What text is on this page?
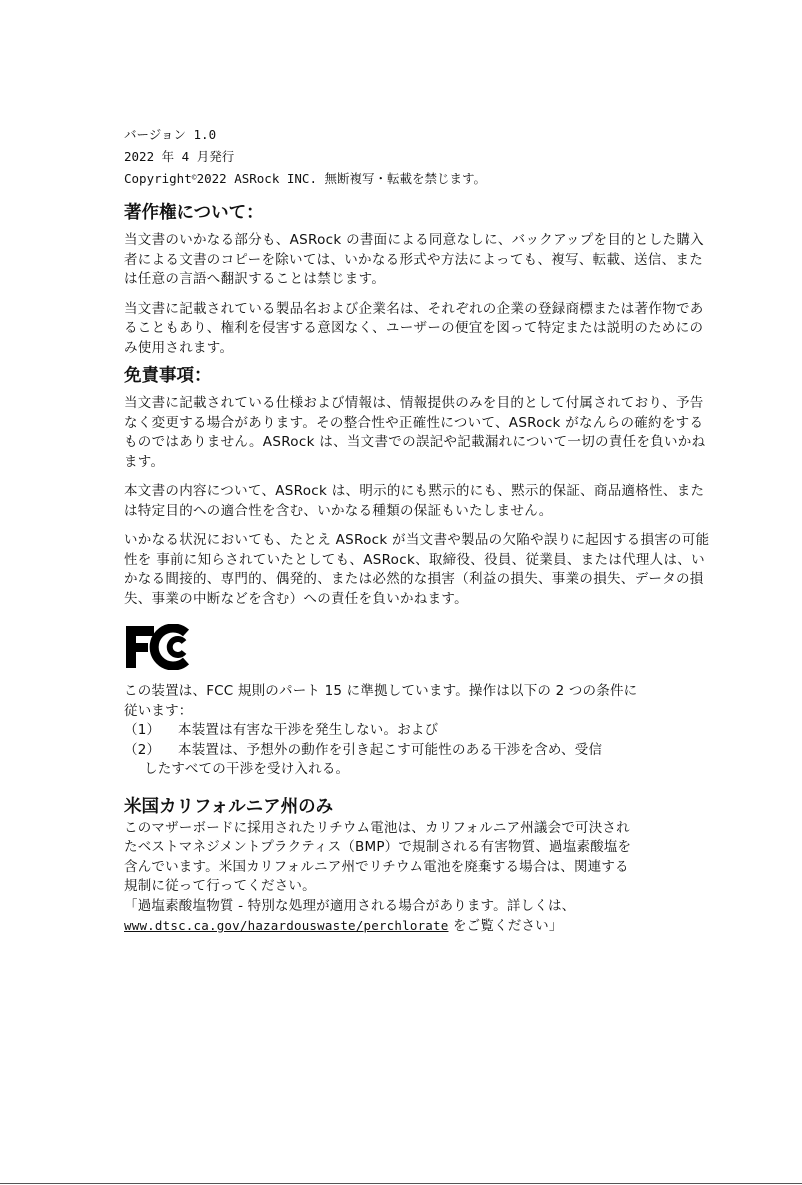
バージョン 1.0

2022 年 4 月発行

Copyright©2022 ASRock INC. 無断複写・転載を禁じます。

著作権について：

当文書のいかなる部分も、ASRock の書面による同意なしに、バックアップを目的とした購入者による文書のコピーを除いては、いかなる形式や方法によっても、複写、転載、送信、または任意の言語へ翻訳することは禁じます。

当文書に記載されている製品名および企業名は、それぞれの企業の登録商標または著作物であることもあり、権利を侵害する意図なく、ユーザーの便宜を図って特定または説明のためにのみ使用されます。

免責事項：

当文書に記載されている仕様および情報は、情報提供のみを目的として付属されており、予告なく変更する場合があります。その整合性や正確性について、ASRock がなんらの確約をするものではありません。ASRock は、当文書での誤記や記載漏れについて一切の責任を負いかねます。

本文書の内容について、ASRock は、明示的にも黙示的にも、黙示的保証、商品適格性、または特定目的への適合性を含む、いかなる種類の保証もいたしません。

いかなる状況においても、たとえ ASRock が当文書や製品の欠陥や誤りに起因する損害の可能性を 事前に知らされていたとしても、ASRock、取締役、役員、従業員、または代理人は、いかなる間接的、専門的、偶発的、または必然的な損害（利益の損失、事業の損失、データの損失、事業の中断などを含む）への責任を負いかねます。

この装置は、FCC 規則のパート 15 に準拠しています。操作は以下の 2 つの条件に

従います：

（1） 本装置は有害な干渉を発生しない。および

（2） 本装置は、予想外の動作を引き起こす可能性のある干渉を含め、受信

したすべての干渉を受け入れる。

米国カリフォルニア州のみ

このマザーボードに採用されたリチウム電池は、カリフォルニア州議会で可決され

たベストマネジメントプラクティス（BMP）で規制される有害物質、過塩素酸塩を

含んでいます。米国カリフォルニア州でリチウム電池を廃棄する場合は、関連する

規制に従って行ってください。

「過塩素酸塩物質 - 特別な処理が適用される場合があります。詳しくは、

www.dtsc.ca.gov/hazardouswaste/perchlorate をご覧ください」
